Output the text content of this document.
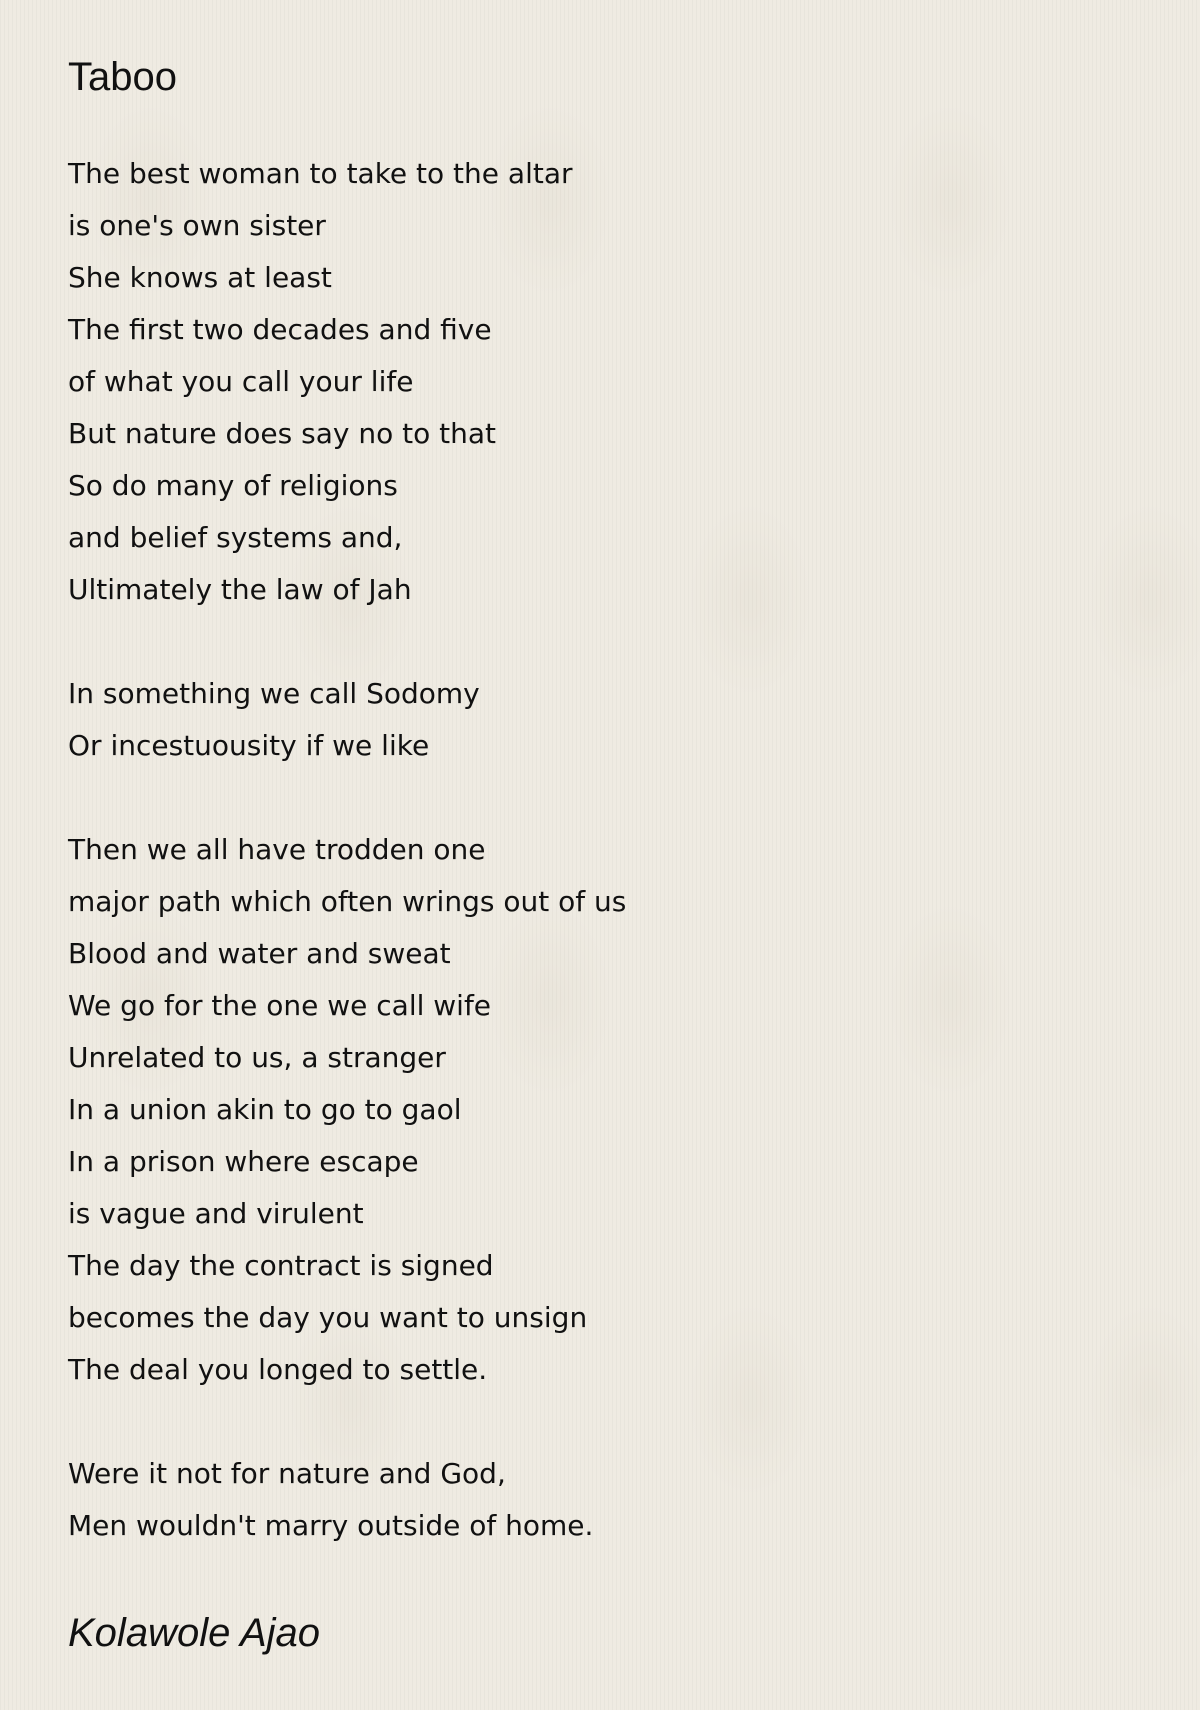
Taboo
The best woman to take to the altar
is one's own sister
She knows at least
The first two decades and five
of what you call your life
But nature does say no to that
So do many of religions
and belief systems and,
Ultimately the law of Jah
In something we call Sodomy
Or incestuousity if we like
Then we all have trodden one
major path which often wrings out of us
Blood and water and sweat
We go for the one we call wife
Unrelated to us, a stranger
In a union akin to go to gaol
In a prison where escape
is vague and virulent
The day the contract is signed
becomes the day you want to unsign
The deal you longed to settle.
Were it not for nature and God,
Men wouldn't marry outside of home.
Kolawole Ajao
